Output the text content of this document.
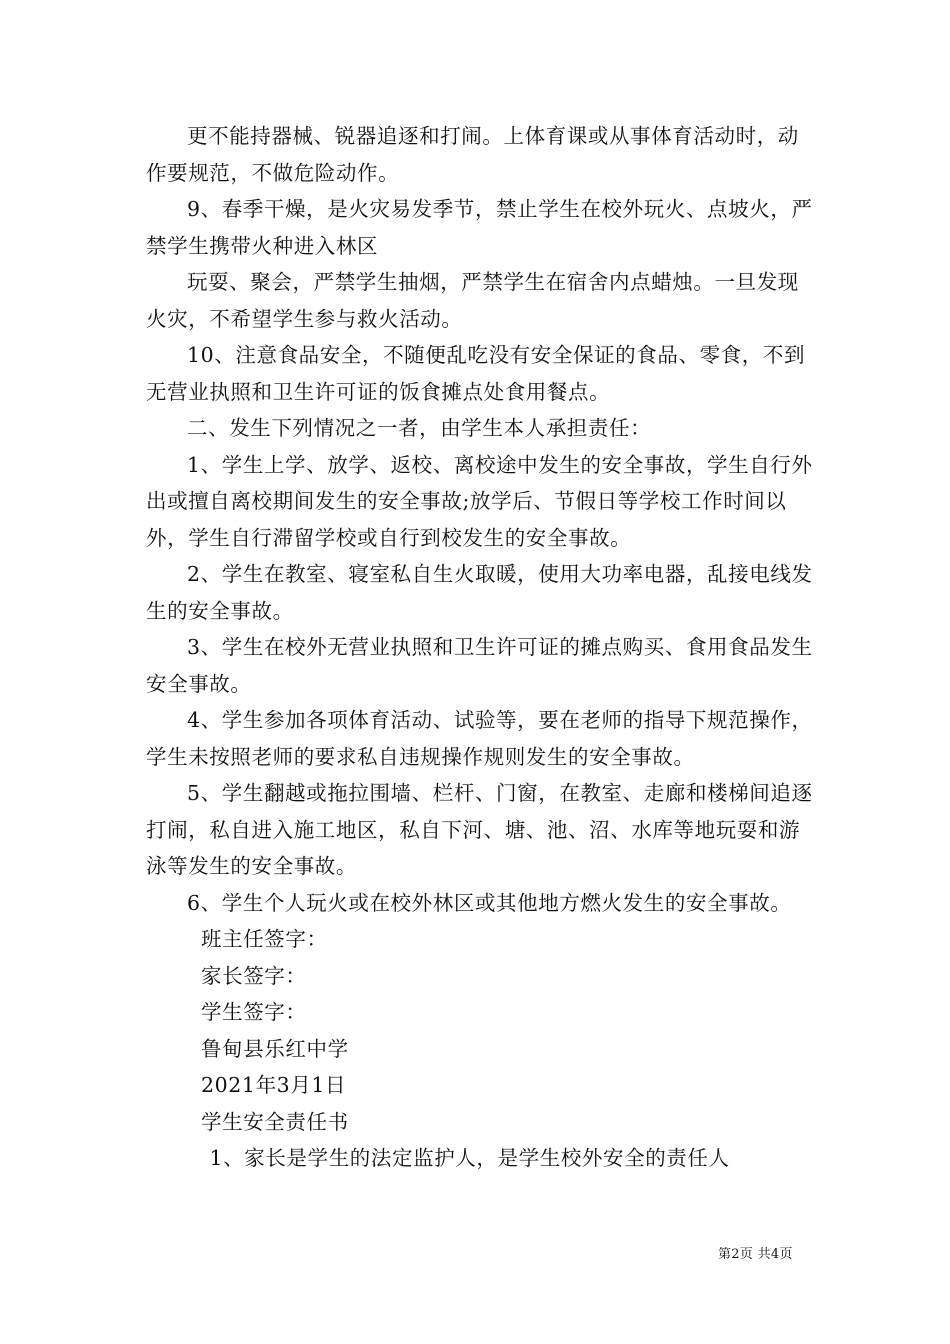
更不能持器械、锐器追逐和打闹。上体育课或从事体育活动时，动作要规范，不做危险动作。

9、春季干燥，是火灾易发季节，禁止学生在校外玩火、点坡火，严禁学生携带火种进入林区

玩耍、聚会，严禁学生抽烟，严禁学生在宿舍内点蜡烛。一旦发现火灾，不希望学生参与救火活动。

10、注意食品安全，不随便乱吃没有安全保证的食品、零食，不到无营业执照和卫生许可证的饭食摊点处食用餐点。

二、发生下列情况之一者，由学生本人承担责任：

1、学生上学、放学、返校、离校途中发生的安全事故，学生自行外出或擅自离校期间发生的安全事故;放学后、节假日等学校工作时间以外，学生自行滞留学校或自行到校发生的安全事故。

2、学生在教室、寝室私自生火取暖，使用大功率电器，乱接电线发生的安全事故。

3、学生在校外无营业执照和卫生许可证的摊点购买、食用食品发生安全事故。

4、学生参加各项体育活动、试验等，要在老师的指导下规范操作，学生未按照老师的要求私自违规操作规则发生的安全事故。

5、学生翻越或拖拉围墙、栏杆、门窗，在教室、走廊和楼梯间追逐打闹，私自进入施工地区，私自下河、塘、池、沼、水库等地玩耍和游泳等发生的安全事故。

6、学生个人玩火或在校外林区或其他地方燃火发生的安全事故。

班主任签字：

家长签字：

学生签字：

鲁甸县乐红中学

2021年3月1日

学生安全责任书

1、家长是学生的法定监护人，是学生校外安全的责任人

第2页 共4页
